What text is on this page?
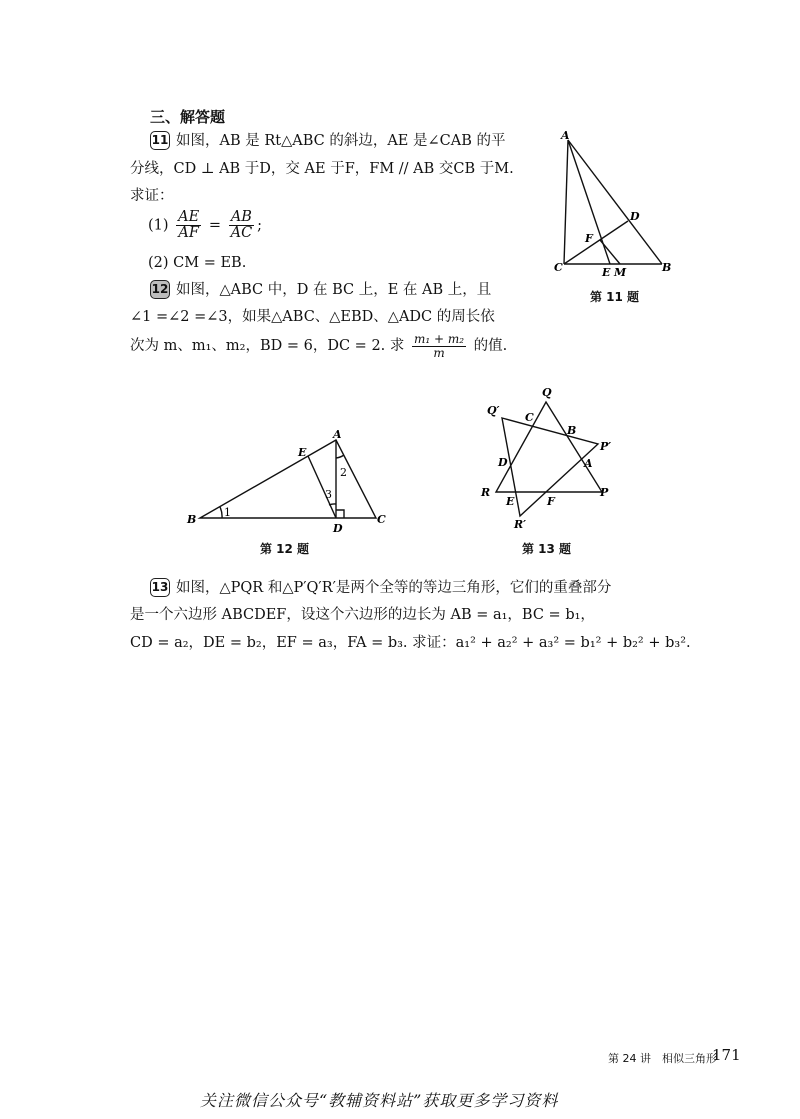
三、解答题
11 如图，AB 是 Rt△ABC 的斜边，AE 是∠CAB 的平
分线，CD ⊥ AB 于D，交 AE 于F，FM // AB 交CB 于M.
求证：
$(1) \frac{AE}{AF} = \frac{AB}{AC}$ ;
(2) CM = EB.
A
D
F
C	E M	B
第 11 题
12 如图，△ABC 中，D 在 BC 上，E 在 AB 上，且
∠1 =∠2 =∠3，如果△ABC、△EBD、△ADC 的周长依
次为 m、m₁、m₂，BD = 6，DC = 2. 求 $\frac{\text{m₁ + m₂}}{m}$ 的值.
A
E
B
D
C
1
2
3
第 12 题
Q
Q′
C
B
P′
D	A
R
E	F
P
R′
第 13 题
13 如图，△PQR 和△P′Q′R′是两个全等的等边三角形，它们的重叠部分
是一个六边形 ABCDEF，设这个六边形的边长为 AB = a₁，BC = b₁，
CD = a₂，DE = b₂，EF = a₃，FA = b₃. 求证：a₁² + a₂² + a₃² = b₁² + b₂² + b₃².
第 24 讲　相似三角形
171
关注微信公众号“教辅资料站”获取更多学习资料
